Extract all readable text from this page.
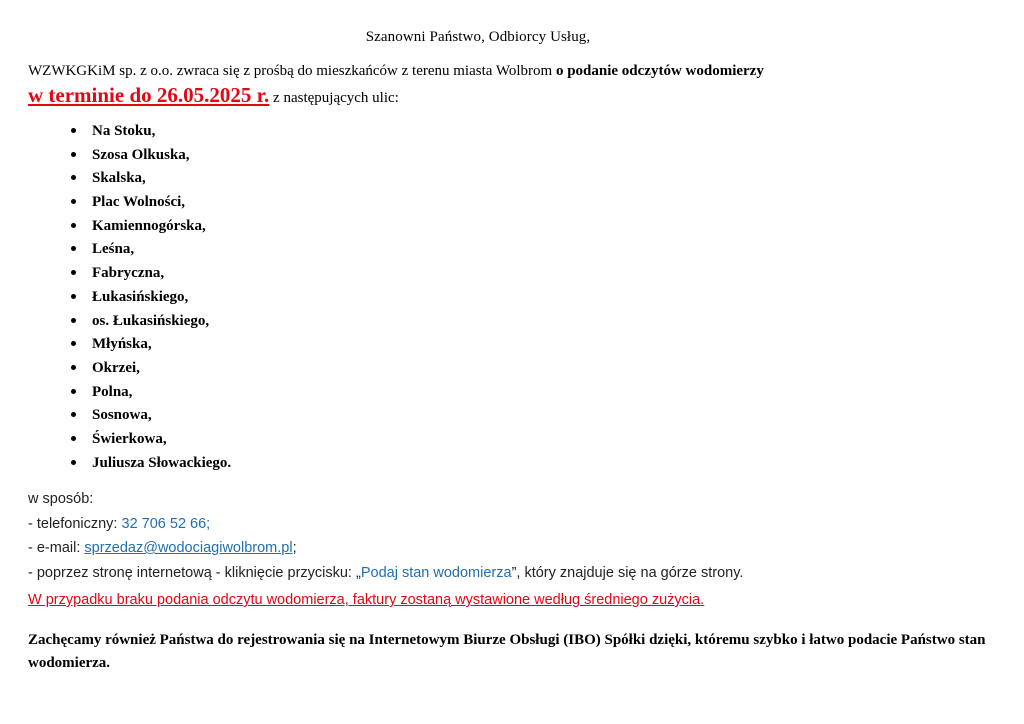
Szanowni Państwo, Odbiorcy Usług,
WZWKGKiM sp. z o.o. zwraca się z prośbą do mieszkańców z terenu miasta Wolbrom o podanie odczytów wodomierzy
w terminie do 26.05.2025 r. z następujących ulic:
Na Stoku,
Szosa Olkuska,
Skalska,
Plac Wolności,
Kamiennogórska,
Leśna,
Fabryczna,
Łukasińskiego,
os. Łukasińskiego,
Młyńska,
Okrzei,
Polna,
Sosnowa,
Świerkowa,
Juliusza Słowackiego.
w sposób:
- telefoniczny: 32 706 52 66;
- e-mail: sprzedaz@wodociagiwolbrom.pl;
- poprzez stronę internetową - kliknięcie przycisku: „Podaj stan wodomierza”, który znajduje się na górze strony.
W przypadku braku podania odczytu wodomierza, faktury zostaną wystawione według średniego zużycia.
Zachęcamy również Państwa do rejestrowania się na Internetowym Biurze Obsługi (IBO) Spółki dzięki, któremu szybko i łatwo podacie Państwo stan wodomierza.
